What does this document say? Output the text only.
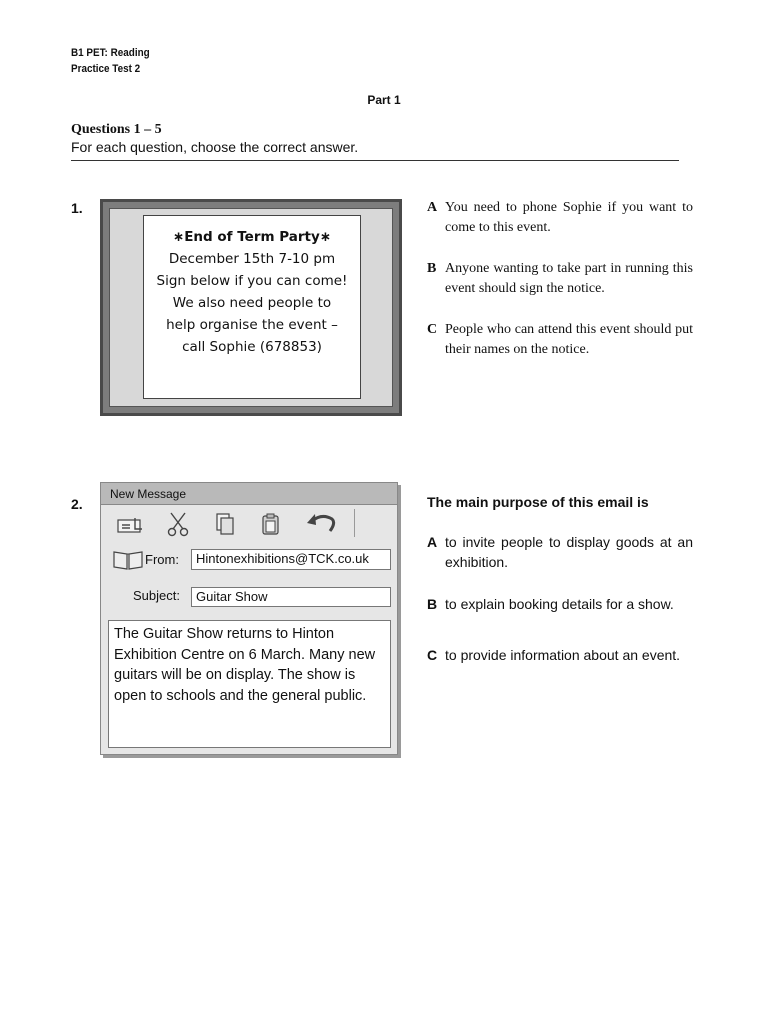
B1 PET: Reading
Practice Test 2
Part 1
Questions 1 – 5
For each question, choose the correct answer.
1.
∗End of Term Party∗
December 15th 7-10 pm
Sign below if you can come!
We also need people to
help organise the event –
call Sophie (678853)
A You need to phone Sophie if you want to come to this event.
B Anyone wanting to take part in running this event should sign the notice.
C People who can attend this event should put their names on the notice.
2.
New Message
From:	Hintonexhibitions@TCK.co.uk
Subject:	Guitar Show
The Guitar Show returns to Hinton Exhibition Centre on 6 March. Many new guitars will be on display. The show is open to schools and the general public.
The main purpose of this email is
A to invite people to display goods at an exhibition.
B to explain booking details for a show.
C to provide information about an event.
